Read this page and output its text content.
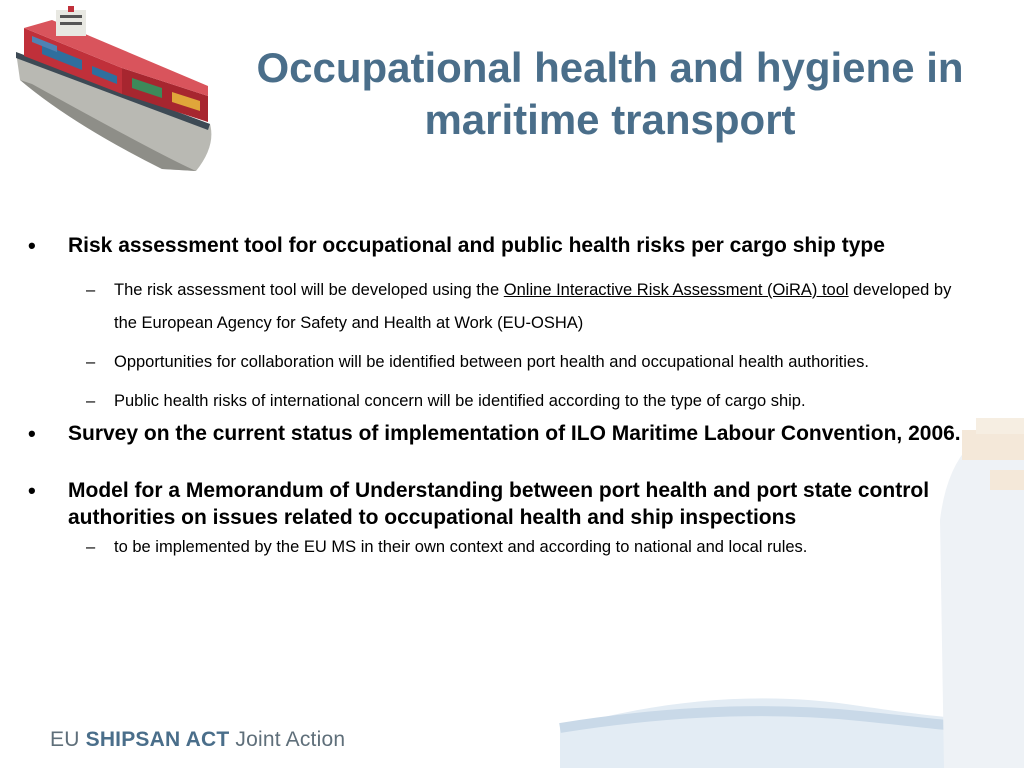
Occupational health and hygiene in maritime transport
•	Risk assessment tool for occupational and public health risks per cargo ship type
–	The risk assessment tool will be developed using the Online Interactive Risk Assessment (OiRA) tool developed by the European Agency for Safety and Health at Work (EU-OSHA)
–	Opportunities for collaboration will be identified between port health and occupational health authorities.
–	Public health risks of international concern will be identified according to the type of cargo ship.
•	Survey on the current status of implementation of ILO Maritime Labour Convention, 2006.
•	Model for a Memorandum of Understanding between port health and port state control authorities on issues related to occupational health and ship inspections
–	to be implemented by the EU MS in their own context and according to national and local rules.
EU SHIPSAN ACT Joint Action
